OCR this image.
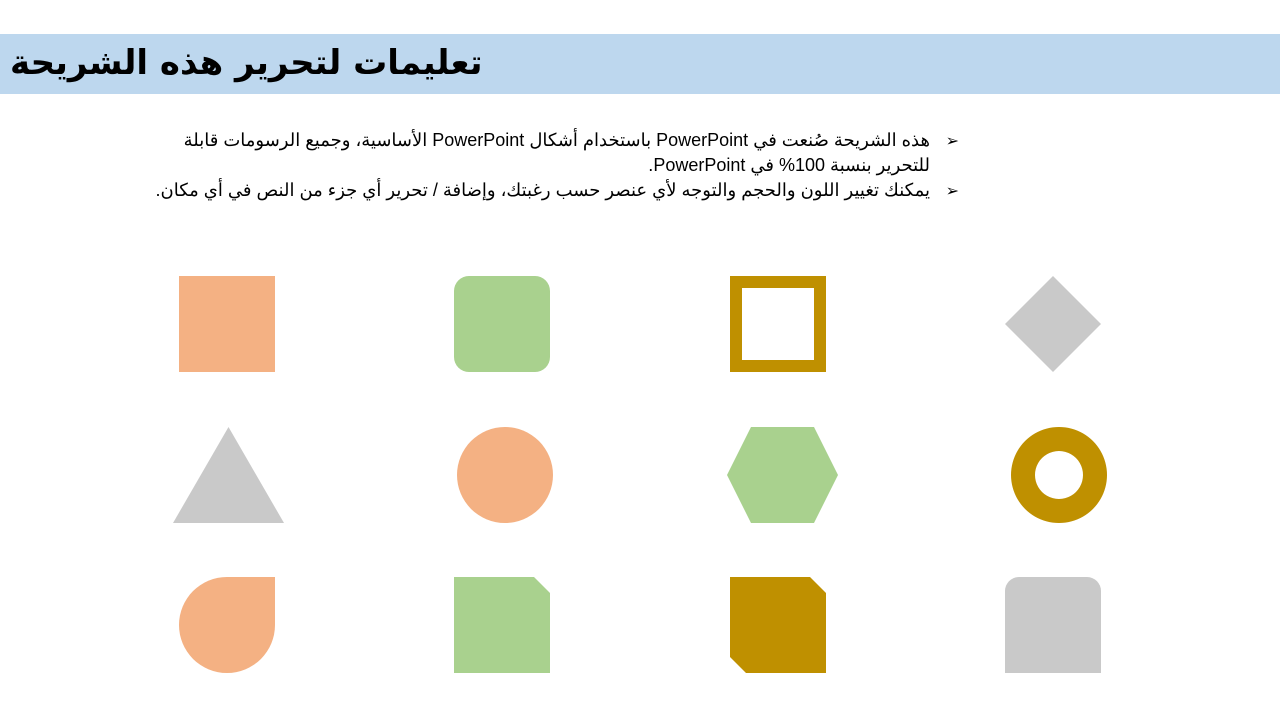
تعليمات لتحرير هذه الشريحة
➢
هذه الشريحة صُنعت في PowerPoint باستخدام أشكال PowerPoint الأساسية، وجميع الرسومات قابلة للتحرير بنسبة 100% في PowerPoint.
➢
يمكنك تغيير اللون والحجم والتوجه لأي عنصر حسب رغبتك، وإضافة / تحرير أي جزء من النص في أي مكان.
